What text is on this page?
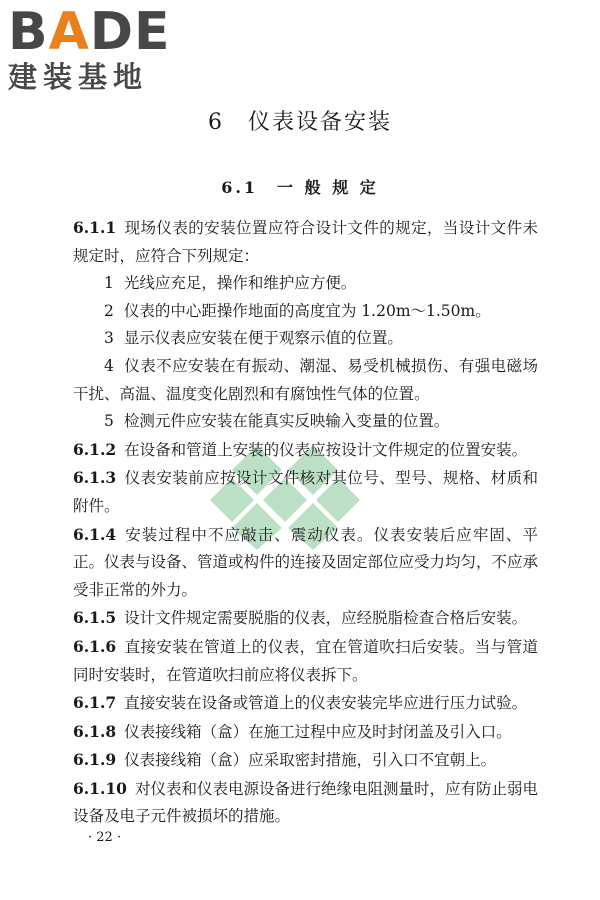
BADE
建装基地
6　仪表设备安装
6.1　一 般 规 定

6.1.1 现场仪表的安装位置应符合设计文件的规定，当设计文件未规定时，应符合下列规定：

1 光线应充足，操作和维护应方便。

2 仪表的中心距操作地面的高度宜为 1.20m～1.50m。

3 显示仪表应安装在便于观察示值的位置。

4 仪表不应安装在有振动、潮湿、易受机械损伤、有强电磁场干扰、高温、温度变化剧烈和有腐蚀性气体的位置。

5 检测元件应安装在能真实反映输入变量的位置。

6.1.2 在设备和管道上安装的仪表应按设计文件规定的位置安装。

6.1.3 仪表安装前应按设计文件核对其位号、型号、规格、材质和附件。

6.1.4 安装过程中不应敲击、震动仪表。仪表安装后应牢固、平正。仪表与设备、管道或构件的连接及固定部位应受力均匀，不应承受非正常的外力。

6.1.5 设计文件规定需要脱脂的仪表，应经脱脂检查合格后安装。

6.1.6 直接安装在管道上的仪表，宜在管道吹扫后安装。当与管道同时安装时，在管道吹扫前应将仪表拆下。

6.1.7 直接安装在设备或管道上的仪表安装完毕应进行压力试验。

6.1.8 仪表接线箱（盒）在施工过程中应及时封闭盖及引入口。

6.1.9 仪表接线箱（盒）应采取密封措施，引入口不宜朝上。

6.1.10 对仪表和仪表电源设备进行绝缘电阻测量时，应有防止弱电设备及电子元件被损坏的措施。

· 22 ·
